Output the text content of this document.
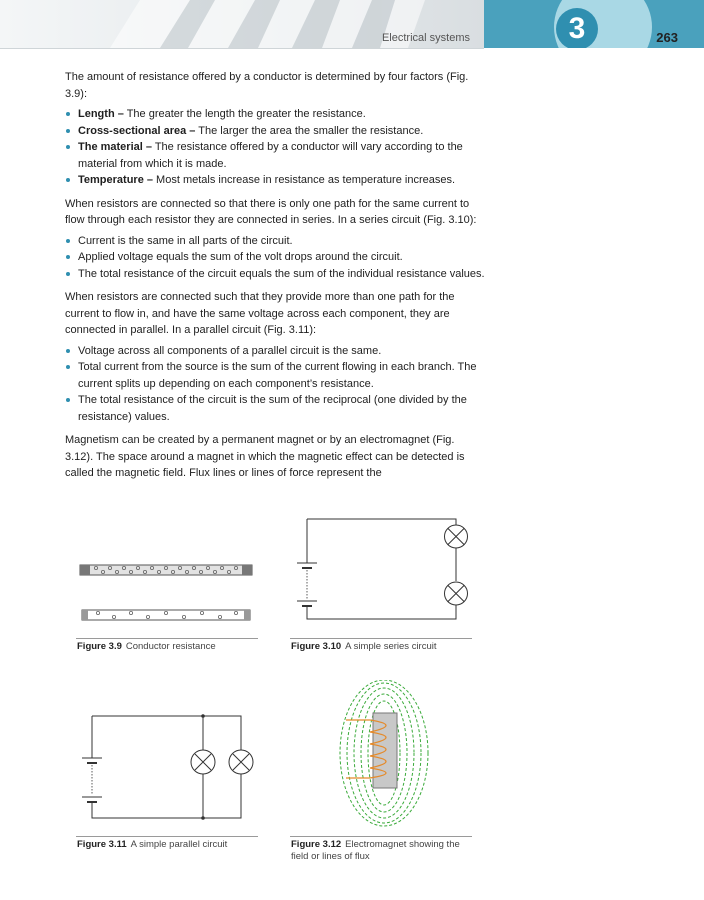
Electrical systems	3	263

The amount of resistance offered by a conductor is determined by four factors (Fig. 3.9):

Length – The greater the length the greater the resistance.
Cross-sectional area – The larger the area the smaller the resistance.
The material – The resistance offered by a conductor will vary according to the material from which it is made.
Temperature – Most metals increase in resistance as temperature increases.

When resistors are connected so that there is only one path for the same current to flow through each resistor they are connected in series. In a series circuit (Fig. 3.10):

Current is the same in all parts of the circuit.
Applied voltage equals the sum of the volt drops around the circuit.
The total resistance of the circuit equals the sum of the individual resistance values.

When resistors are connected such that they provide more than one path for the current to flow in, and have the same voltage across each component, they are connected in parallel. In a parallel circuit (Fig. 3.11):

Voltage across all components of a parallel circuit is the same.
Total current from the source is the sum of the current flowing in each branch. The current splits up depending on each component’s resistance.
The total resistance of the circuit is the sum of the reciprocal (one divided by the resistance) values.

Magnetism can be created by a permanent magnet or by an electromagnet (Fig. 3.12). The space around a magnet in which the magnetic effect can be detected is called the magnetic field. Flux lines or lines of force represent the

Figure 3.9 Conductor resistance	Figure 3.10 A simple series circuit
Figure 3.11 A simple parallel circuit	Figure 3.12 Electromagnet showing the field or lines of flux
